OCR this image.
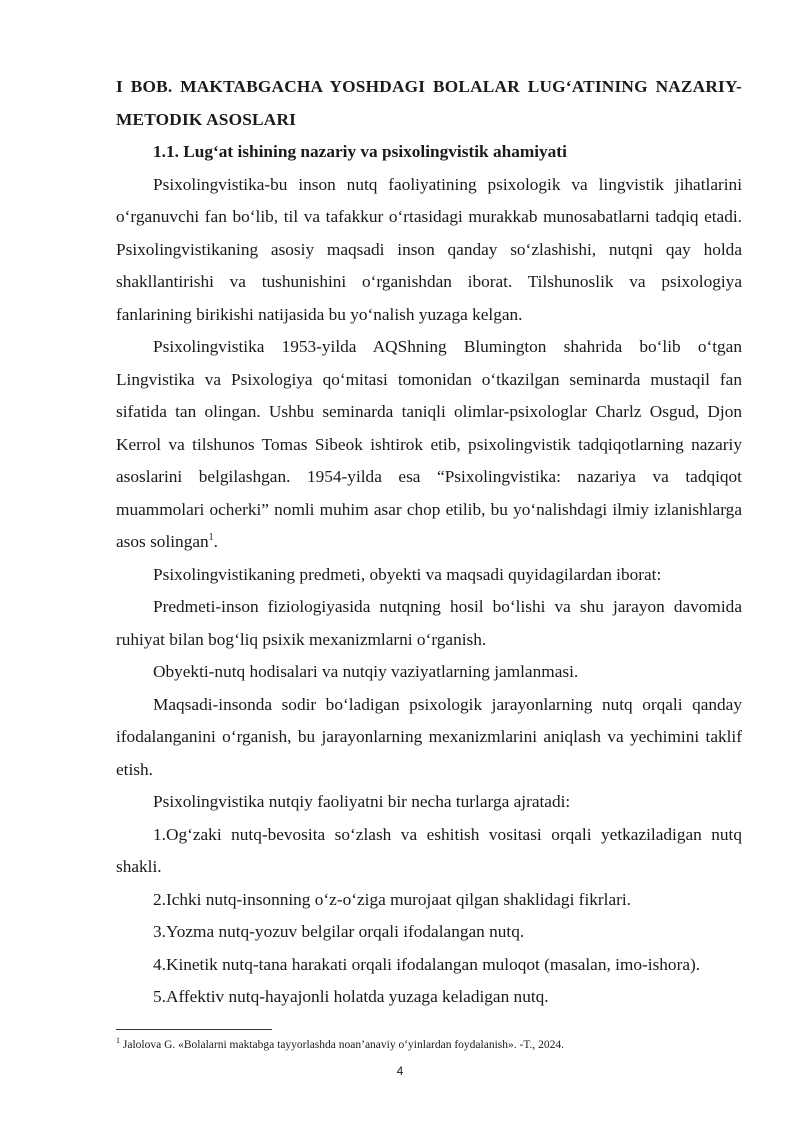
I BOB. MAKTABGACHA YOSHDAGI BOLALAR LUG‘ATINING NAZARIY-METODIK ASOSLARI

1.1. Lug‘at ishining nazariy va psixolingvistik ahamiyati

Psixolingvistika-bu inson nutq faoliyatining psixologik va lingvistik jihatlarini o‘rganuvchi fan bo‘lib, til va tafakkur o‘rtasidagi murakkab munosabatlarni tadqiq etadi. Psixolingvistikaning asosiy maqsadi inson qanday so‘zlashishi, nutqni qay holda shakllantirishi va tushunishini o‘rganishdan iborat. Tilshunoslik va psixologiya fanlarining birikishi natijasida bu yo‘nalish yuzaga kelgan.

Psixolingvistika 1953-yilda AQShning Blumington shahrida bo‘lib o‘tgan Lingvistika va Psixologiya qo‘mitasi tomonidan o‘tkazilgan seminarda mustaqil fan sifatida tan olingan. Ushbu seminarda taniqli olimlar-psixologlar Charlz Osgud, Djon Kerrol va tilshunos Tomas Sibeok ishtirok etib, psixolingvistik tadqiqotlarning nazariy asoslarini belgilashgan. 1954-yilda esa “Psixolingvistika: nazariya va tadqiqot muammolari ocherki” nomli muhim asar chop etilib, bu yo‘nalishdagi ilmiy izlanishlarga asos solingan$^1$.

Psixolingvistikaning predmeti, obyekti va maqsadi quyidagilardan iborat:

Predmeti-inson fiziologiyasida nutqning hosil bo‘lishi va shu jarayon davomida ruhiyat bilan bog‘liq psixik mexanizmlarni o‘rganish.

Obyekti-nutq hodisalari va nutqiy vaziyatlarning jamlanmasi.

Maqsadi-insonda sodir bo‘ladigan psixologik jarayonlarning nutq orqali qanday ifodalanganini o‘rganish, bu jarayonlarning mexanizmlarini aniqlash va yechimini taklif etish.

Psixolingvistika nutqiy faoliyatni bir necha turlarga ajratadi:

1.Og‘zaki nutq-bevosita so‘zlash va eshitish vositasi orqali yetkaziladigan nutq shakli.

2.Ichki nutq-insonning o‘z-o‘ziga murojaat qilgan shaklidagi fikrlari.

3.Yozma nutq-yozuv belgilar orqali ifodalangan nutq.

4.Kinetik nutq-tana harakati orqali ifodalangan muloqot (masalan, imo-ishora).

5.Affektiv nutq-hayajonli holatda yuzaga keladigan nutq.

$^1$ Jalolova G. «Bolalarni maktabga tayyorlashda noan’anaviy o‘yinlardan foydalanish». -T., 2024.
4
